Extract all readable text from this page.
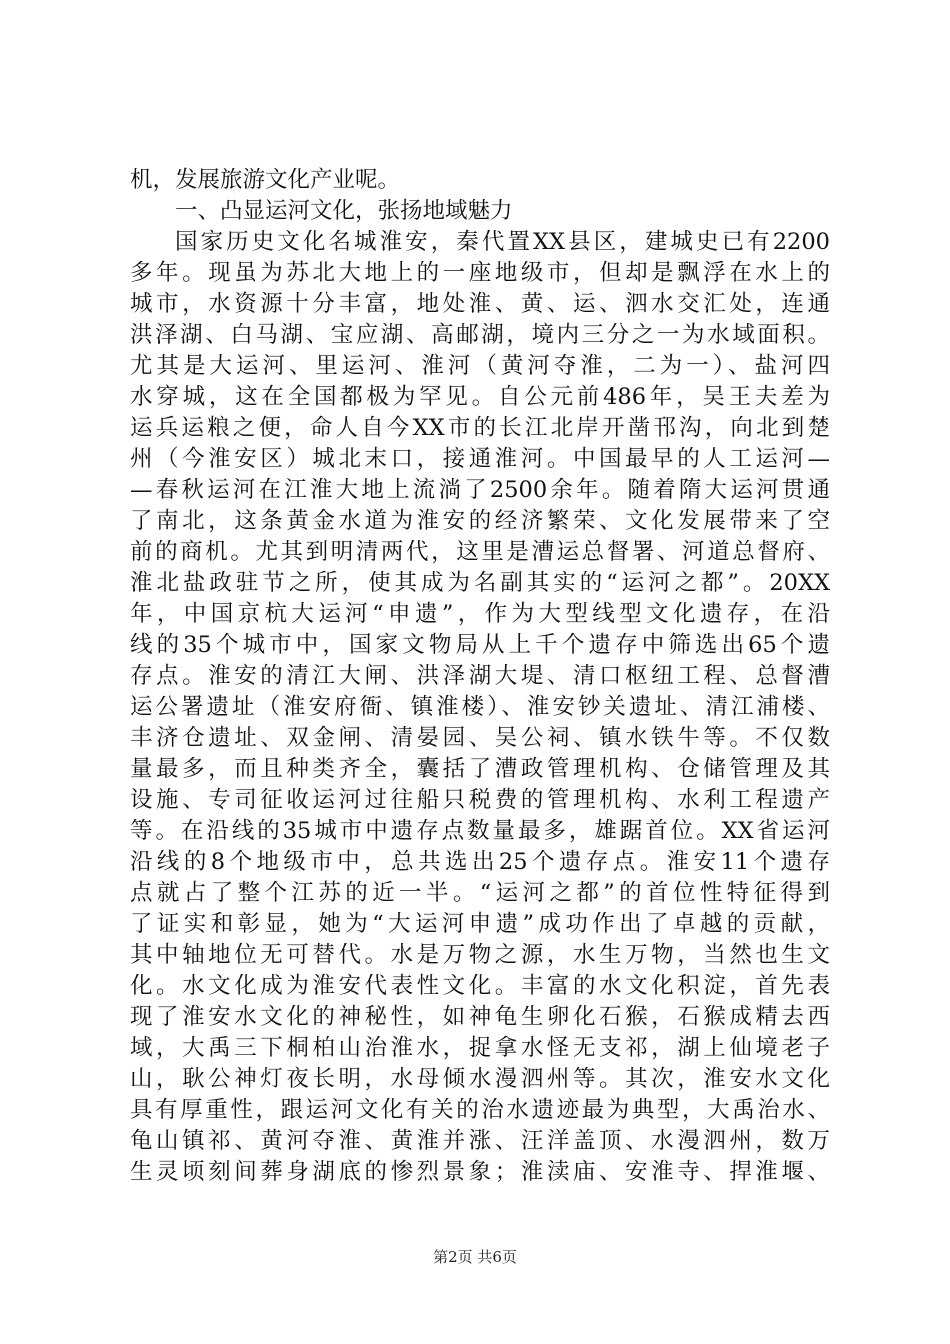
机，发展旅游文化产业呢。
一、凸显运河文化，张扬地域魅力
国家历史文化名城淮安，秦代置XX县区，建城史已有2200
多年。现虽为苏北大地上的一座地级市，但却是飘浮在水上的
城市，水资源十分丰富，地处淮、黄、运、泗水交汇处，连通
洪泽湖、白马湖、宝应湖、高邮湖，境内三分之一为水域面积。
尤其是大运河、里运河、淮河（黄河夺淮，二为一）、盐河四
水穿城，这在全国都极为罕见。自公元前486年，吴王夫差为
运兵运粮之便，命人自今XX市的长江北岸开凿邗沟，向北到楚
州（今淮安区）城北末口，接通淮河。中国最早的人工运河—
—春秋运河在江淮大地上流淌了2500余年。随着隋大运河贯通
了南北，这条黄金水道为淮安的经济繁荣、文化发展带来了空
前的商机。尤其到明清两代，这里是漕运总督署、河道总督府、
淮北盐政驻节之所，使其成为名副其实的“运河之都”。20XX
年，中国京杭大运河“申遗”，作为大型线型文化遗存，在沿
线的35个城市中，国家文物局从上千个遗存中筛选出65个遗
存点。淮安的清江大闸、洪泽湖大堤、清口枢纽工程、总督漕
运公署遗址（淮安府衙、镇淮楼）、淮安钞关遗址、清江浦楼、
丰济仓遗址、双金闸、清晏园、吴公祠、镇水铁牛等。不仅数
量最多，而且种类齐全，囊括了漕政管理机构、仓储管理及其
设施、专司征收运河过往船只税费的管理机构、水利工程遗产
等。在沿线的35城市中遗存点数量最多，雄踞首位。XX省运河
沿线的8个地级市中，总共选出25个遗存点。淮安11个遗存
点就占了整个江苏的近一半。“运河之都”的首位性特征得到
了证实和彰显，她为“大运河申遗”成功作出了卓越的贡献，
其中轴地位无可替代。水是万物之源，水生万物，当然也生文
化。水文化成为淮安代表性文化。丰富的水文化积淀，首先表
现了淮安水文化的神秘性，如神龟生卵化石猴，石猴成精去西
域，大禹三下桐柏山治淮水，捉拿水怪无支祁，湖上仙境老子
山，耿公神灯夜长明，水母倾水漫泗州等。其次，淮安水文化
具有厚重性，跟运河文化有关的治水遗迹最为典型，大禹治水、
龟山镇祁、黄河夺淮、黄淮并涨、汪洋盖顶、水漫泗州，数万
生灵顷刻间葬身湖底的惨烈景象；淮渎庙、安淮寺、捍淮堰、
第2页 共6页
